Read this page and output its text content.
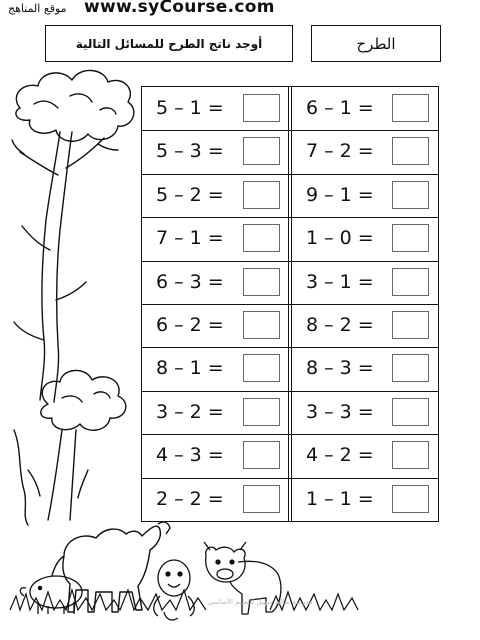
www.syCourse.com
موقع المناهج
أوجد ناتج الطرح للمسائل التالية	الطرح
5 – 1 =	6 – 1 =
5 – 3 =	7 – 2 =
5 – 2 =	9 – 1 =
7 – 1 =	1 – 0 =
6 – 3 =	3 – 1 =
6 – 2 =	8 – 2 =
8 – 1 =	8 – 3 =
3 – 2 =	3 – 3 =
4 – 3 =	4 – 2 =
2 – 2 =	1 – 1 =
مدرسة سالم سهيل للتعليم الأساسي
